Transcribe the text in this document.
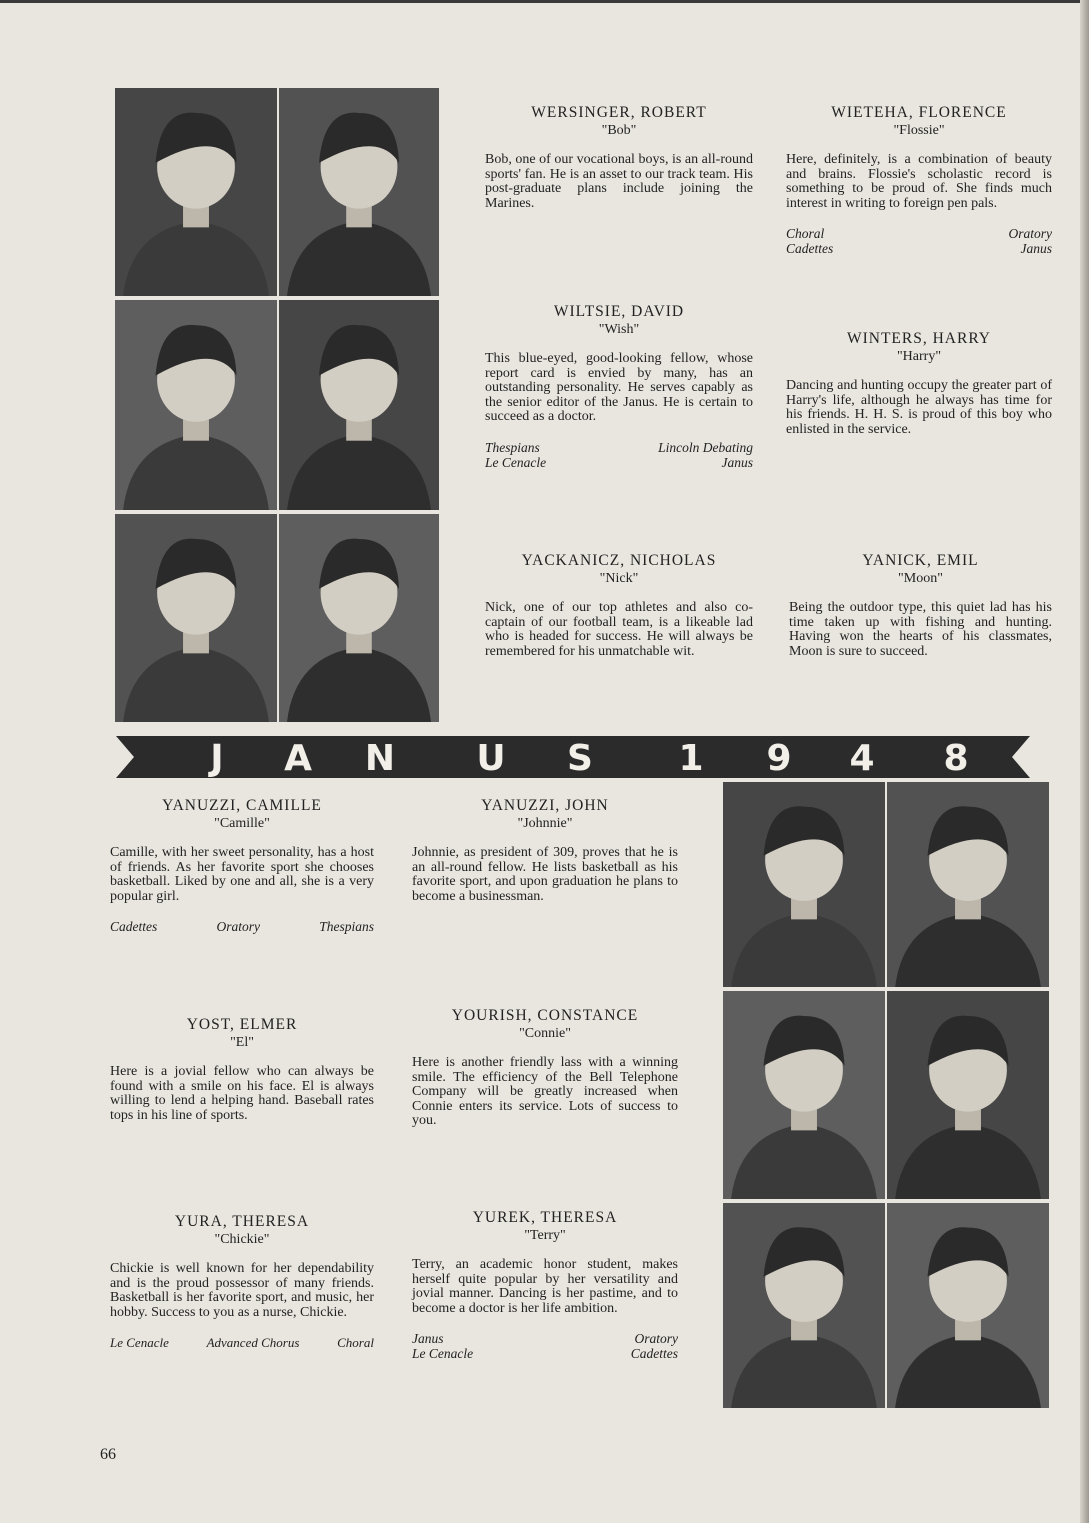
WERSINGER, ROBERT
"Bob"

Bob, one of our vocational boys, is an all-round sports' fan. He is an asset to our track team. His post-graduate plans include joining the Marines.

WIETEHA, FLORENCE
"Flossie"

Here, definitely, is a combination of beauty and brains. Flossie's scholastic record is something to be proud of. She finds much interest in writing to foreign pen pals.

Choral	Oratory
Cadettes	Janus
WILTSIE, DAVID
"Wish"

This blue-eyed, good-looking fellow, whose report card is envied by many, has an outstanding personality. He serves capably as the senior editor of the Janus. He is certain to succeed as a doctor.

Thespians	Lincoln Debating
Le Cenacle	Janus
WINTERS, HARRY
"Harry"

Dancing and hunting occupy the greater part of Harry's life, although he always has time for his friends. H. H. S. is proud of this boy who enlisted in the service.

YACKANICZ, NICHOLAS
"Nick"

Nick, one of our top athletes and also co-captain of our football team, is a likeable lad who is headed for success. He will always be remembered for his unmatchable wit.

YANICK, EMIL
"Moon"

Being the outdoor type, this quiet lad has his time taken up with fishing and hunting. Having won the hearts of his classmates, Moon is sure to succeed.

J A N U S 1 9 4 8
YANUZZI, CAMILLE
"Camille"

Camille, with her sweet personality, has a host of friends. As her favorite sport she chooses basketball. Liked by one and all, she is a very popular girl.

Cadettes	Oratory	Thespians
YANUZZI, JOHN
"Johnnie"

Johnnie, as president of 309, proves that he is an all-round fellow. He lists basketball as his favorite sport, and upon graduation he plans to become a businessman.

YOST, ELMER
"El"

Here is a jovial fellow who can always be found with a smile on his face. El is always willing to lend a helping hand. Baseball rates tops in his line of sports.

YOURISH, CONSTANCE
"Connie"

Here is another friendly lass with a winning smile. The efficiency of the Bell Telephone Company will be greatly increased when Connie enters its service. Lots of success to you.

YURA, THERESA
"Chickie"

Chickie is well known for her dependability and is the proud possessor of many friends. Basketball is her favorite sport, and music, her hobby. Success to you as a nurse, Chickie.

Le Cenacle	Advanced Chorus	Choral
YUREK, THERESA
"Terry"

Terry, an academic honor student, makes herself quite popular by her versatility and jovial manner. Dancing is her pastime, and to become a doctor is her life ambition.

Janus	Oratory
Le Cenacle	Cadettes
66
